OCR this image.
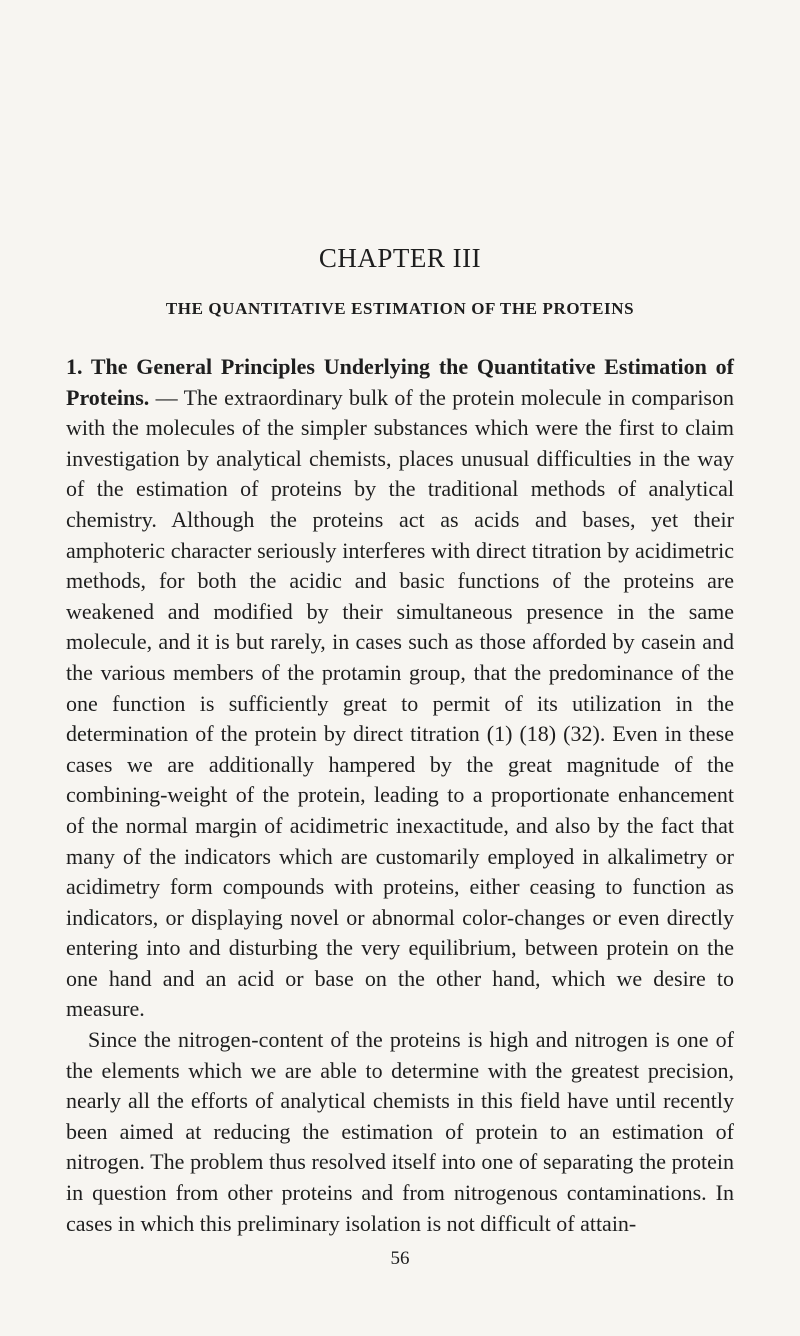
CHAPTER III
THE QUANTITATIVE ESTIMATION OF THE PROTEINS

1. The General Principles Underlying the Quantitative Estimation of Proteins. — The extraordinary bulk of the protein molecule in comparison with the molecules of the simpler substances which were the first to claim investigation by analytical chemists, places unusual difficulties in the way of the estimation of proteins by the traditional methods of analytical chemistry. Although the proteins act as acids and bases, yet their amphoteric character seriously interferes with direct titration by acidimetric methods, for both the acidic and basic functions of the proteins are weakened and modified by their simultaneous presence in the same molecule, and it is but rarely, in cases such as those afforded by casein and the various members of the protamin group, that the predominance of the one function is sufficiently great to permit of its utilization in the determination of the protein by direct titration (1) (18) (32). Even in these cases we are additionally hampered by the great magnitude of the combining-weight of the protein, leading to a proportionate enhancement of the normal margin of acidimetric inexactitude, and also by the fact that many of the indicators which are customarily employed in alkalimetry or acidimetry form compounds with proteins, either ceasing to function as indicators, or displaying novel or abnormal color-changes or even directly entering into and disturbing the very equilibrium, between protein on the one hand and an acid or base on the other hand, which we desire to measure.

Since the nitrogen-content of the proteins is high and nitrogen is one of the elements which we are able to determine with the greatest precision, nearly all the efforts of analytical chemists in this field have until recently been aimed at reducing the estimation of protein to an estimation of nitrogen. The problem thus resolved itself into one of separating the protein in question from other proteins and from nitrogenous contaminations. In cases in which this preliminary isolation is not difficult of attain-

56
